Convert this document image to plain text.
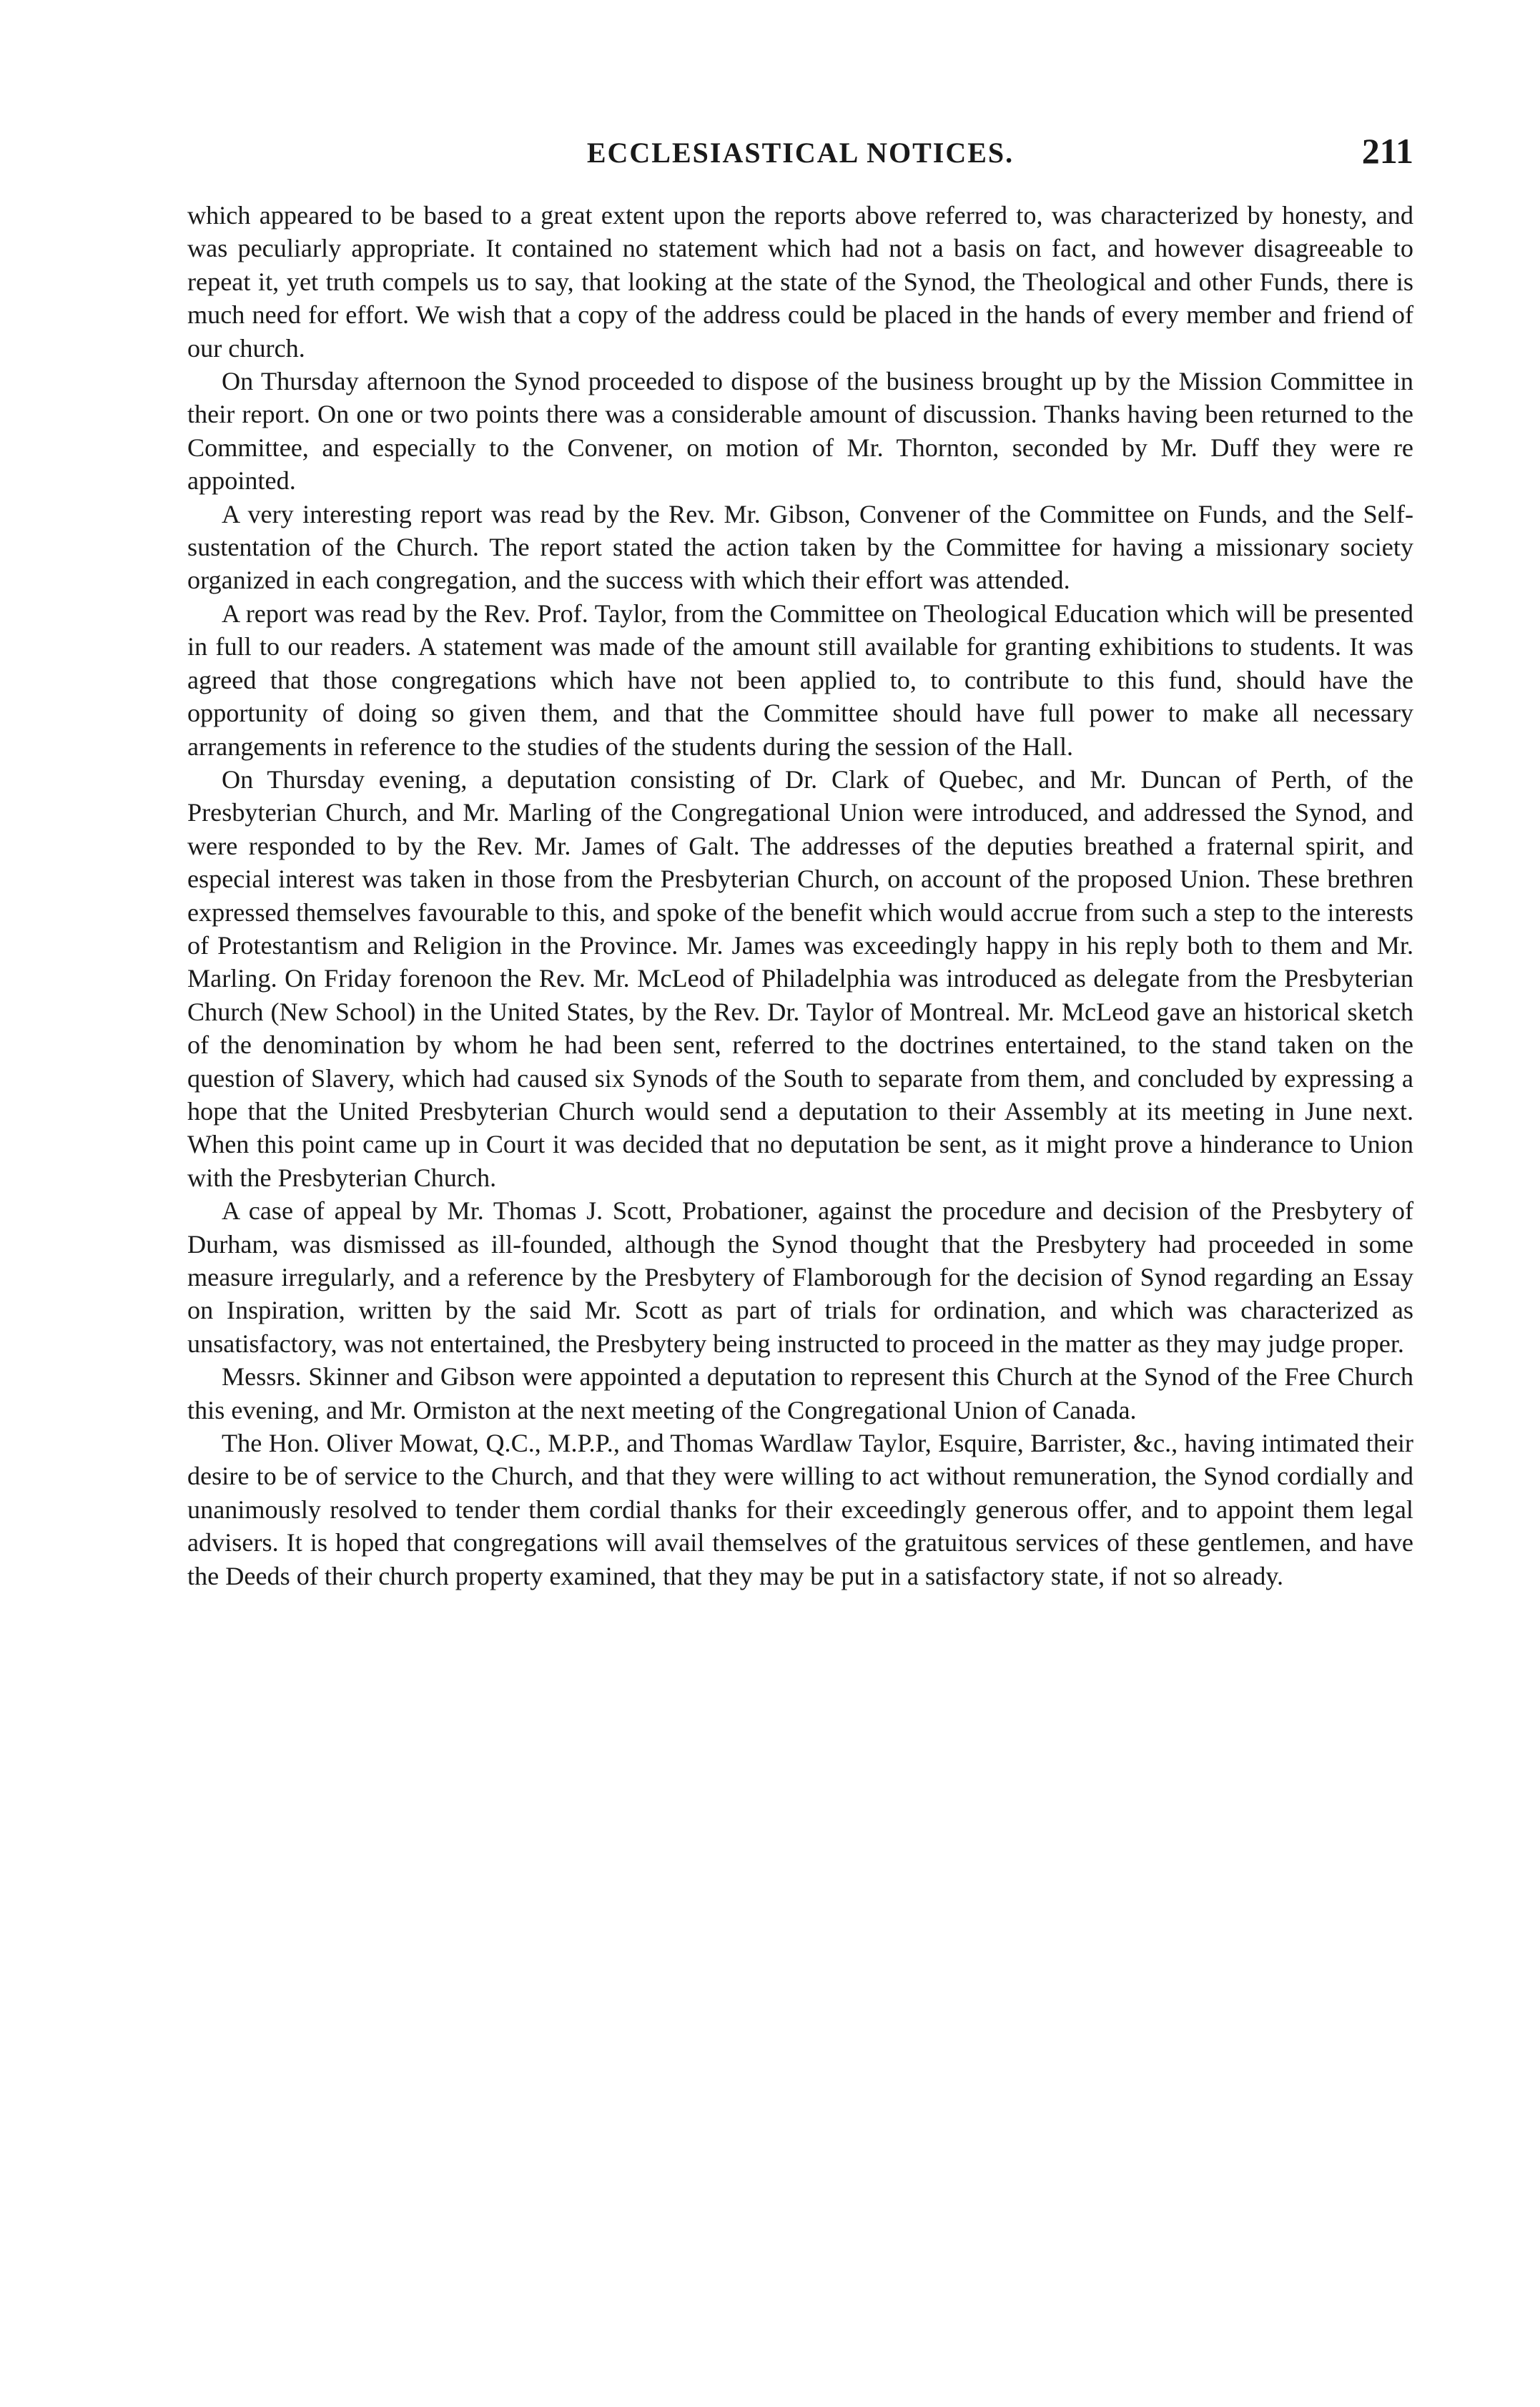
ECCLESIASTICAL NOTICES.	211

which appeared to be based to a great extent upon the reports above referred to, was characterized by honesty, and was peculiarly appropriate. It contained no statement which had not a basis on fact, and however disagreeable to repeat it, yet truth compels us to say, that looking at the state of the Synod, the Theological and other Funds, there is much need for effort. We wish that a copy of the address could be placed in the hands of every member and friend of our church.

On Thursday afternoon the Synod proceeded to dispose of the business brought up by the Mission Committee in their report. On one or two points there was a considerable amount of discussion. Thanks having been returned to the Committee, and especially to the Convener, on motion of Mr. Thornton, seconded by Mr. Duff they were re appointed.

A very interesting report was read by the Rev. Mr. Gibson, Convener of the Committee on Funds, and the Self-sustentation of the Church. The report stated the action taken by the Committee for having a missionary society organized in each congregation, and the success with which their effort was attended.

A report was read by the Rev. Prof. Taylor, from the Committee on Theological Education which will be presented in full to our readers. A statement was made of the amount still available for granting exhibitions to students. It was agreed that those congregations which have not been applied to, to contribute to this fund, should have the opportunity of doing so given them, and that the Committee should have full power to make all necessary arrangements in reference to the studies of the students during the session of the Hall.

On Thursday evening, a deputation consisting of Dr. Clark of Quebec, and Mr. Duncan of Perth, of the Presbyterian Church, and Mr. Marling of the Congregational Union were introduced, and addressed the Synod, and were responded to by the Rev. Mr. James of Galt. The addresses of the deputies breathed a fraternal spirit, and especial interest was taken in those from the Presbyterian Church, on account of the proposed Union. These brethren expressed themselves favourable to this, and spoke of the benefit which would accrue from such a step to the interests of Protestantism and Religion in the Province. Mr. James was exceedingly happy in his reply both to them and Mr. Marling. On Friday forenoon the Rev. Mr. McLeod of Philadelphia was introduced as delegate from the Presbyterian Church (New School) in the United States, by the Rev. Dr. Taylor of Montreal. Mr. McLeod gave an historical sketch of the denomination by whom he had been sent, referred to the doctrines entertained, to the stand taken on the question of Slavery, which had caused six Synods of the South to separate from them, and concluded by expressing a hope that the United Presbyterian Church would send a deputation to their Assembly at its meeting in June next. When this point came up in Court it was decided that no deputation be sent, as it might prove a hinderance to Union with the Presbyterian Church.

A case of appeal by Mr. Thomas J. Scott, Probationer, against the procedure and decision of the Presbytery of Durham, was dismissed as ill-founded, although the Synod thought that the Presbytery had proceeded in some measure irregularly, and a reference by the Presbytery of Flamborough for the decision of Synod regarding an Essay on Inspiration, written by the said Mr. Scott as part of trials for ordination, and which was characterized as unsatisfactory, was not entertained, the Presbytery being instructed to proceed in the matter as they may judge proper.

Messrs. Skinner and Gibson were appointed a deputation to represent this Church at the Synod of the Free Church this evening, and Mr. Ormiston at the next meeting of the Congregational Union of Canada.

The Hon. Oliver Mowat, Q.C., M.P.P., and Thomas Wardlaw Taylor, Esquire, Barrister, &c., having intimated their desire to be of service to the Church, and that they were willing to act without remuneration, the Synod cordially and unanimously resolved to tender them cordial thanks for their exceedingly generous offer, and to appoint them legal advisers. It is hoped that congregations will avail themselves of the gratuitous services of these gentlemen, and have the Deeds of their church property examined, that they may be put in a satisfactory state, if not so already.
